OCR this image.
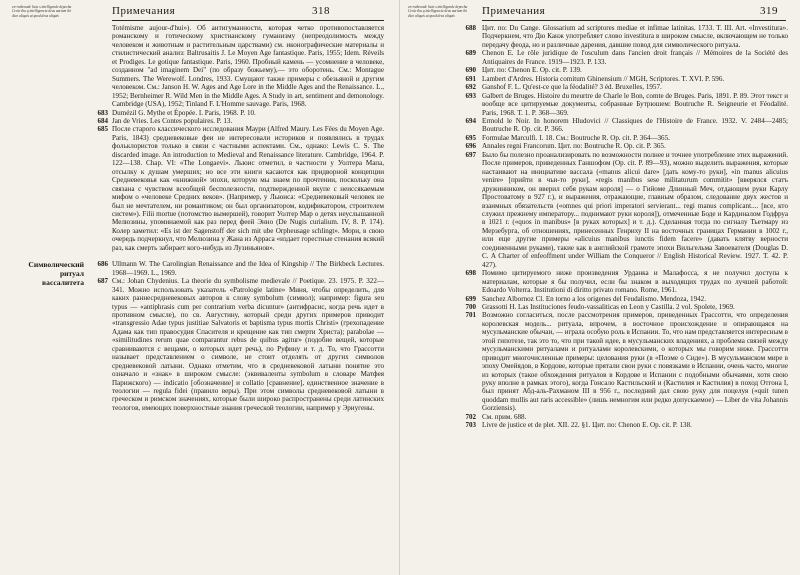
en-rothenode lictu s intelligende depechu Cenie tha q intelligencia deus aurium ibi dico aliquis ut quod deus aliquis	Примечания	318
Totémisme aujour-d'hui»). Об антигуманности, которая четко противопоставляется романскому и готическому христианскому гуманизму (непреодолимость между человеком и животным и растительным царствами) см. иконографические материалы и стилистический анализ: Baltrusaitis J. Le Moyen Age fantastique. Paris, 1955; Idem. Réveils et Prodiges. Le gotique fantastique. Paris, 1960. Пробный камень — усомнение в человеке, созданном "ad imaginem Dei" (по образу божьему),— это оборотень. См.: Montague Summers. The Werewolf. Londres, 1933. Смущают также примеры с обезьяной и другим человеком. См.: Janson H. W. Ages and Age Lore in the Middle Ages and the Renaissance. L., 1952; Bernheimer R. Wild Men in the Middle Ages. A Study in art, sentiment and demonology. Cambridge (USA), 1952; Tinland F. L'Homme sauvage. Paris, 1968.
683 Dumézil G. Mythe et Épopée. I. Paris, 1968. P. 10.
684 Jan de Vries. Les Contes populaires. P. 13.
685 После старого классического исследования Маури (Alfred Maury. Les Fées du Moyen Age. Paris, 1843) средневековые феи не интересовали историков и появлялись в трудах фольклористов только в связи с частными аспектами. См., однако: Lewis C. S. The discarded image. An introduction to Medieval and Renaissance literature. Cambridge, 1964. P. 122—138. Chap. VI: «The Longaevi». Льюис отметил, в частности у Уолтера Мапа, отсылку к душам умерших; но все эти книги касаются как придворной концепции Средневековья как «книжной» эпохи, которую мы знаем по прочтении, поскольку она связана с чувством всеобщей бесполезности, подтвержденной вкупе с неиссякаемым мифом о «человеке Средних веков». (Например, у Льюиса: «Средневековый человек не был не мечтателем, ни романтиком; он был организатором, кодификатором, строителем систем»). Filii mortue (потомство вымершей), говорит Уолтер Map о детях неуслышанной Мелюзины, упоминаемой как раз перед феей Эннo (De Nugis curialium. IV, 8. P. 174). Колер заметил: «Es ist der Sagenstoff der sich mit ube Orpheusage schlingt». Мори, в свою очередь подчеркнул, что Мелюзина у Жана из Арраса «издает горестные стенания всякий раз, как смерть забирает кого-нибудь из Лузиньянов».
Символический ритуал вассалитета
686 Ullmann W. The Carolingian Renaissance and the Idea of Kingship // The Birkbeck Lectures. 1968—1969. L., 1969.
687 См.: Johan Chydenius. La theorie du symbolisme medievale // Poetique. 23. 1975. P. 322—341. Можно использовать указатель «Patrologie latine» Миня, чтобы определить, для каких раннесредневековых авторов к слову symbolum (символ); например: figura seu typus — «antiphrasis cum per contrarium verba dicuntur» (антифрасис, когда речь идет в противном смысле), по св. Августину, который среди других примеров приводит «transgressio Adae typus justitiae Salvatoris et baptisma typus mortis Christi» (грехопадение Адама как тип правосудия Спасителя и крещение как тип смерти Христа); parabolae — «similitudines rerum quae comparantur rebus de quibus agitur» (подобие вещей, которые сравниваются с вещами, о которых идет речь), по Руфину и т. д. То, что Грассотти называет представлением о символе, не стоит отделять от других символов средневековой латыни. Однако отметим, что в средневековой латыни понятие это означало и «знак» в широком смысле: (эквиваленты symbolum в словаре Матфея Парижского) — indicatio [обозначение] и collatio [сравнение], единственное значение в теологии — regula fidei (правило веры). При этом символы средневековой латыни в греческом и римском значениях, которые были широко распространены среди латинских теологов, имеющих поверхностные знания греческой теологии, например у Эриугены.
en-rothenode lictu s intelligende depechu Cenie tha q intelligencia deus aurium ibi dico aliquis ut quod deus aliquis	Примечания	319
688 Цит. по: Du Cange. Glossarium ad scriptores mediae et infimae latinitas. 1733. T. III. Art. «Investitura». Подчеркнем, что Дю Канж употребляет слово investitura в широком смысле, включающем не только передачу феода, но и различные дарения, давшие повод для символического ритуала.
689 Chenon E. Le rôle juridique de l'osculum dans l'ancien droit français // Mémoires de la Société des Antiquaires de France. 1919—1923. P. 133.
690 Цит. по: Chenon E. Op. cit. P. 139.
691 Lambert d'Ardres. Historia comitum Ghinensium // MGH, Scriptores. T. XVI. P. 596.
692 Ganshof F. L. Qu'est-ce que la féodalité? 3 éd. Bruxelles, 1957.
693 Galbert de Bruges. Histoire du meurtre de Charle le Bon, comte de Bruges. Paris, 1891. P. 89. Этот текст и вообще все цитируемые документы, собранные Бутрюшем: Boutruche R. Seigneurie et Féodalité. Paris, 1968. T. 1. P. 368—369.
694 Ermold le Noir. In honorem Hludovici // Classiques de l'Histoire de France. 1932. V. 2484—2485; Boutruche R. Op. cit. P. 366.
695 Formulae Marculfi. I. 18. См.: Boutruche R. Op. cit. P. 364—365.
696 Annales regni Francorum. Цит. по: Boutruche R. Op. cit. P. 365.
697 Было бы полезно проанализировать по возможности полнее и точнее употребление этих выражений. После примеров, приведенных Ганшофом (Op. cit. P. 89—93), можно выделить выражения, которые настаивают на инициативе вассала («manus alicui dare» [дать кому-то руки], «in manus alicuius venire» [прийти в чьи-то руки], «regis manibus sese militaturum commitit» [вверялся статъ дружинником, он вверил себя рукам короля] — о Гийоме Длинный Меч, отдающем руки Карлу Простоватому в 927 г.), и выражения, отражающие, главным образом, следование двух жестов и взаимных обязательств («omnes qui priori imperatori servierant... regi manus complicant.... [все, кто служил прежнему императору... поднимают руки короля]), отмеченные Боде и Кардиналом Годфруа в 1021 г. («quos in manibus» [в руках которых] и т. д.). Сделанная тогда по сигналу Тьетмару из Мерзебурга, об отношениях, принесенных Генриху II на восточных границах Германии в 1002 г., или еще другие примеры «alicuius manibus iunctis fidem facere» (давать клятву верности соединенными руками), такие как в английской грамоте эпохи Вильгельма Завоевателя (Douglas D. C. A Charter of enfeoffment under William the Conqueror // English Historical Review. 1927. T. 42. P. 427).
698 Помимо цитируемого ниже произведения Урданка и Малафосса, я не получил доступа к материалам, которые я бы получил, если бы знаком в выходящих трудах по лучшей работой: Edoardo Volterra. Institutioni di diritto privato romano. Rome, 1961.
699 Sanchez Albornoz Cl. En torno a los origenes del Feudalismo. Mendoza, 1942.
700 Grassotti H. Las Instituciones feudo-vassaliticas en Leon y Castilla. 2 vol. Spolete, 1969.
701 Возможно согласиться, после рассмотрения примеров, приведенных Грассотти, что определения королевская модель... ритуала, впрочем, в восточное происхождение и опирающаяся на мусульманские обычаи, — играла особую роль в Испании. То, что нам представляется интересным в этой гипотезе, так это то, что при такой идее, в мусульманских владениях, а проблема связей между мусульманскими ритуалами и ритуалами королевскими, о которых мы говорим ниже. Грассотти приводит многочисленные примеры: целования руки (в «Поэме о Сиде»). В мусульманском мире в эпоху Омейядов, в Кордове, которые прятали свои руки с повязками в Испании, очень часто, многие из которых (такое обхождения ритуалов в Кордове и Испании с подобными обычаями, хотя свою руку вполне в рамках этого), когда Гонсало Кастильский и (Кастилия и Кастилия) в поход Отгона I, был принят Абд-аль-Рахманом III в 956 г., последний дал свою руку для поцелуя («quit tunen quoddam mullis aut raris accessible» (лишь немногим или редко допускаемое) — Liber de vita Johannis Gorziensis).
702 См. прим. 688.
703 Livre de justice et de plet. XII. 22. §1. Цит. по: Chenon E. Op. cit. P. 138.
